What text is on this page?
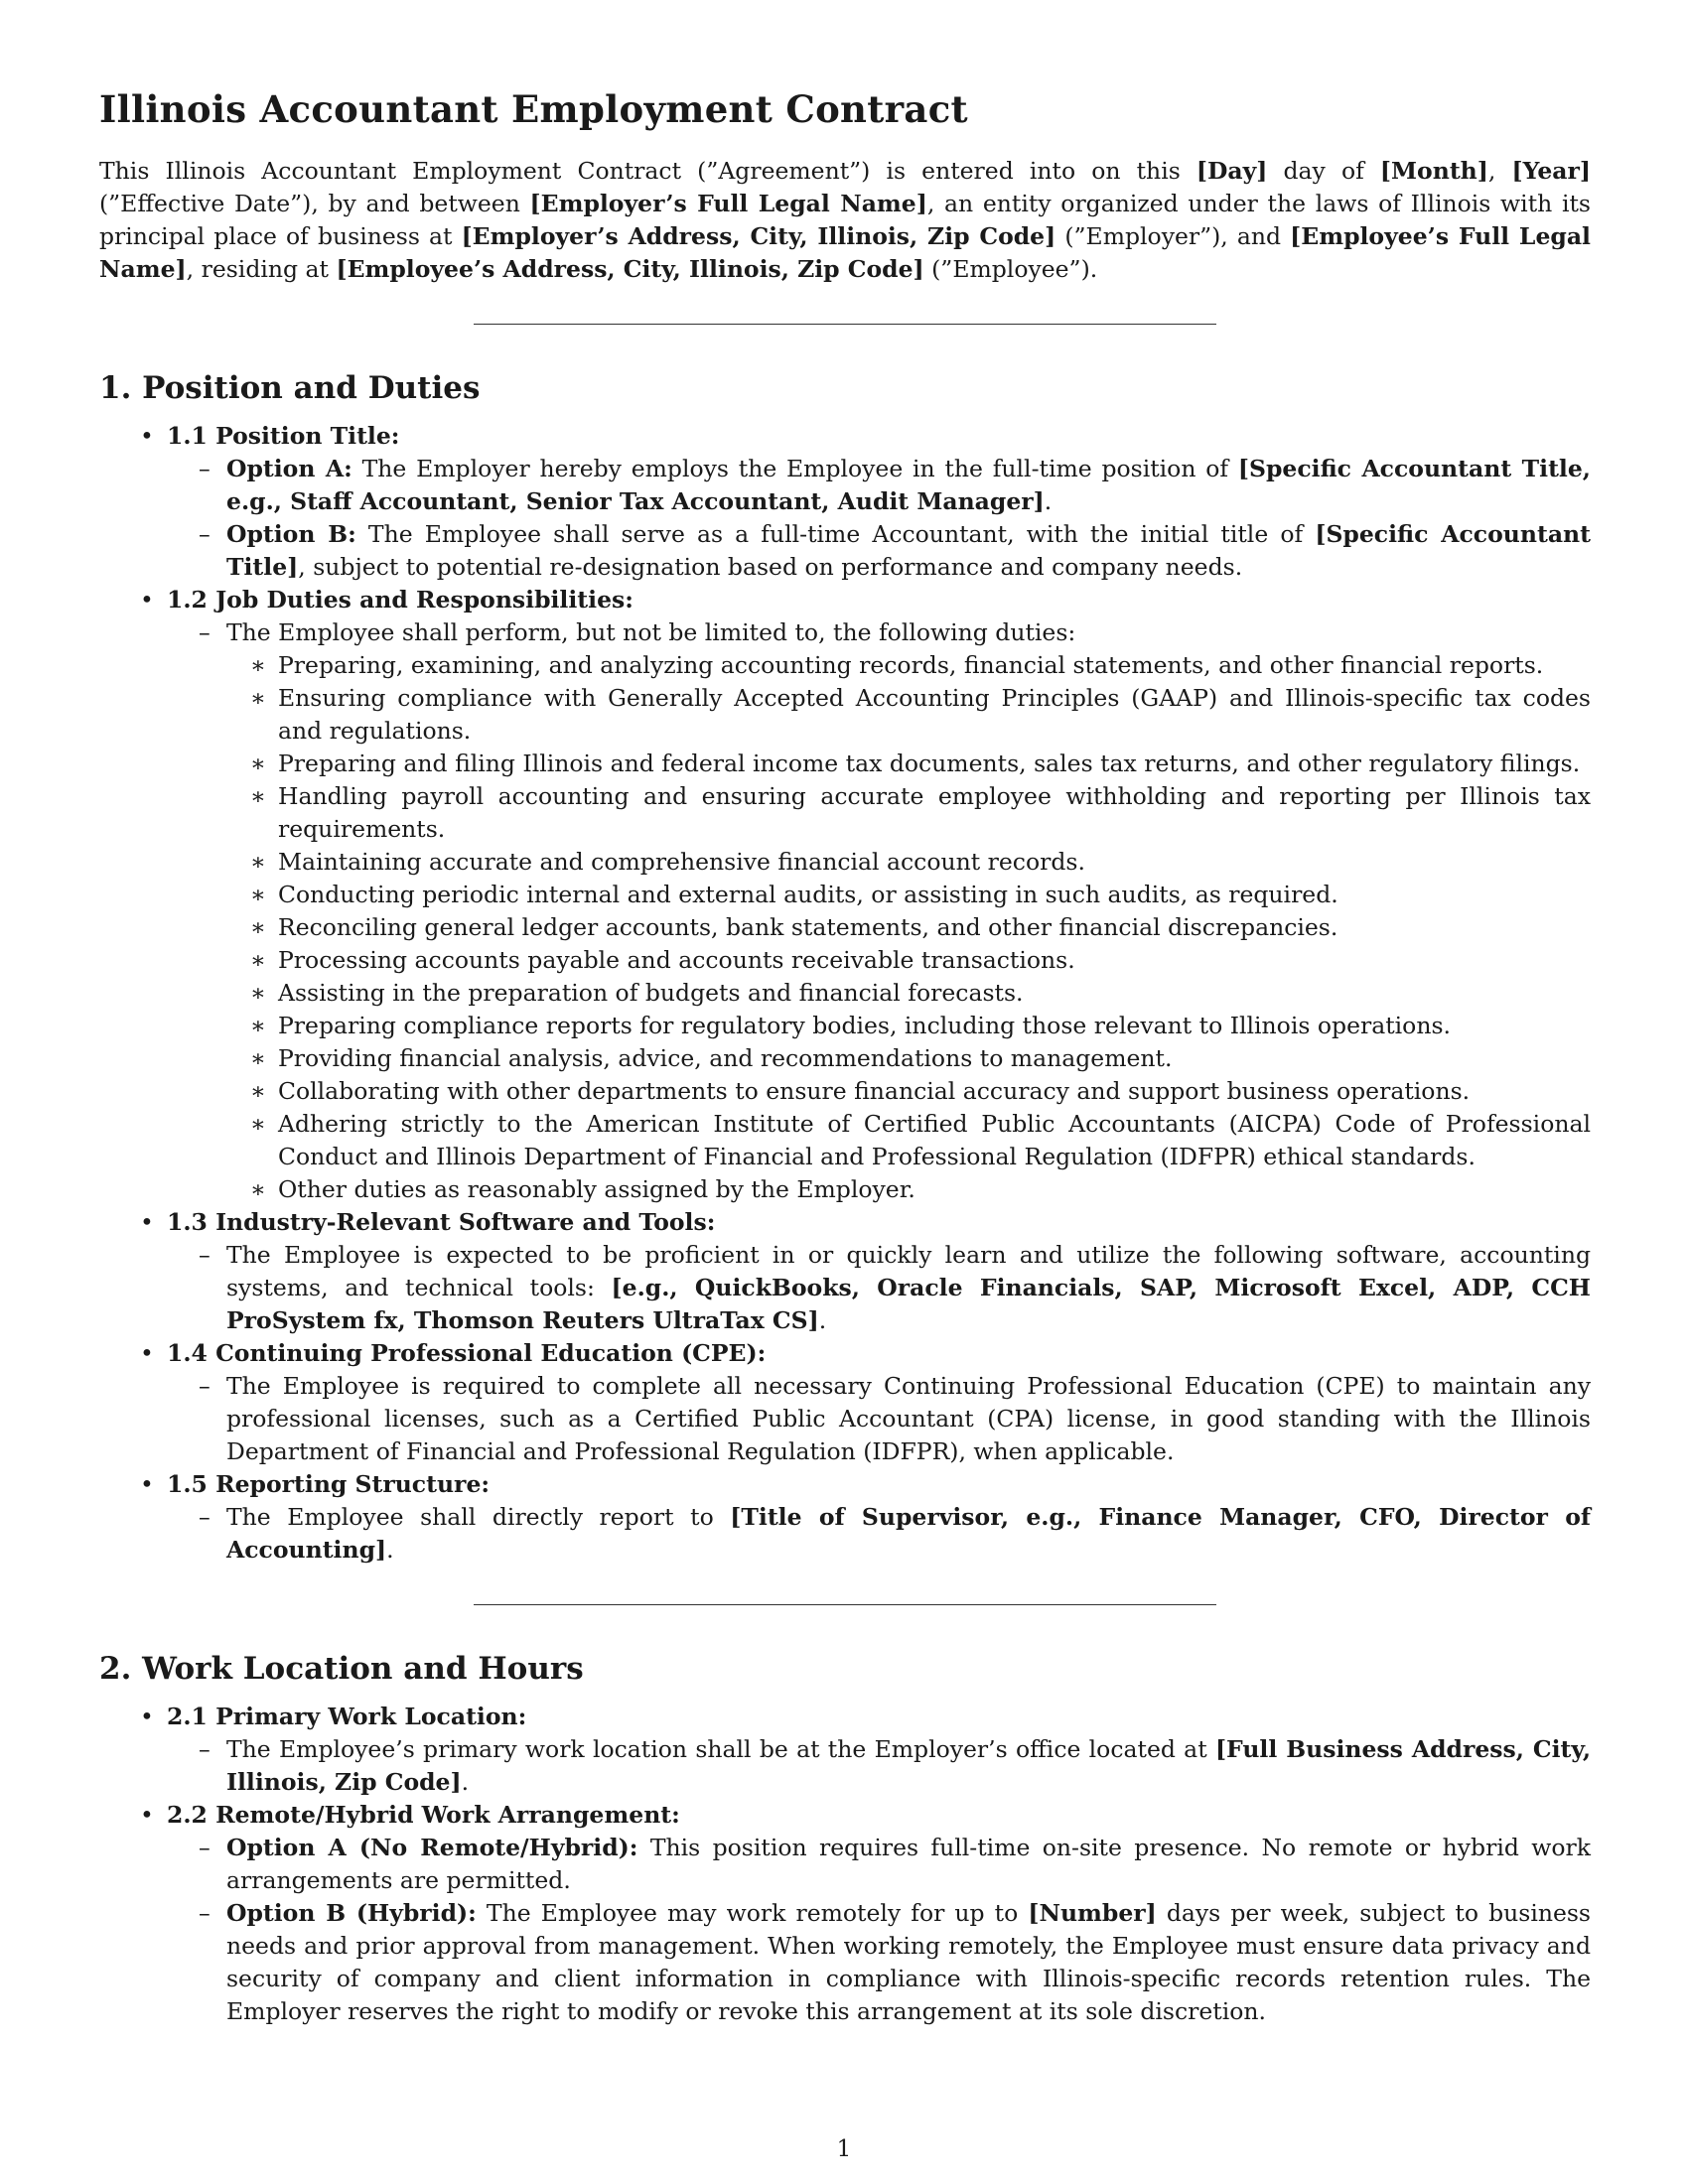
Illinois Accountant Employment Contract

This Illinois Accountant Employment Contract (”Agreement”) is entered into on this [Day] day of [Month], [Year] (”Effective Date”), by and between [Employer’s Full Legal Name], an entity organized under the laws of Illinois with its principal place of business at [Employer’s Address, City, Illinois, Zip Code] (”Employer”), and [Employee’s Full Legal Name], residing at [Employee’s Address, City, Illinois, Zip Code] (”Employee”).

1. Position and Duties
• 1.1 Position Title:
– Option A: The Employer hereby employs the Employee in the full-time position of [Specific Accountant Title, e.g., Staff Accountant, Senior Tax Accountant, Audit Manager].
– Option B: The Employee shall serve as a full-time Accountant, with the initial title of [Specific Accountant Title], subject to potential re-designation based on performance and company needs.
• 1.2 Job Duties and Responsibilities:
– The Employee shall perform, but not be limited to, the following duties:
∗ Preparing, examining, and analyzing accounting records, financial statements, and other financial reports.
∗ Ensuring compliance with Generally Accepted Accounting Principles (GAAP) and Illinois-specific tax codes and regulations.
∗ Preparing and filing Illinois and federal income tax documents, sales tax returns, and other regulatory filings.
∗ Handling payroll accounting and ensuring accurate employee withholding and reporting per Illinois tax requirements.
∗ Maintaining accurate and comprehensive financial account records.
∗ Conducting periodic internal and external audits, or assisting in such audits, as required.
∗ Reconciling general ledger accounts, bank statements, and other financial discrepancies.
∗ Processing accounts payable and accounts receivable transactions.
∗ Assisting in the preparation of budgets and financial forecasts.
∗ Preparing compliance reports for regulatory bodies, including those relevant to Illinois operations.
∗ Providing financial analysis, advice, and recommendations to management.
∗ Collaborating with other departments to ensure financial accuracy and support business operations.
∗ Adhering strictly to the American Institute of Certified Public Accountants (AICPA) Code of Professional Conduct and Illinois Department of Financial and Professional Regulation (IDFPR) ethical standards.
∗ Other duties as reasonably assigned by the Employer.
• 1.3 Industry-Relevant Software and Tools:
– The Employee is expected to be proficient in or quickly learn and utilize the following software, accounting systems, and technical tools: [e.g., QuickBooks, Oracle Financials, SAP, Microsoft Excel, ADP, CCH ProSystem fx, Thomson Reuters UltraTax CS].
• 1.4 Continuing Professional Education (CPE):
– The Employee is required to complete all necessary Continuing Professional Education (CPE) to maintain any professional licenses, such as a Certified Public Accountant (CPA) license, in good standing with the Illinois Department of Financial and Professional Regulation (IDFPR), when applicable.
• 1.5 Reporting Structure:
– The Employee shall directly report to [Title of Supervisor, e.g., Finance Manager, CFO, Director of Accounting].
2. Work Location and Hours
• 2.1 Primary Work Location:
– The Employee’s primary work location shall be at the Employer’s office located at [Full Business Address, City, Illinois, Zip Code].
• 2.2 Remote/Hybrid Work Arrangement:
– Option A (No Remote/Hybrid): This position requires full-time on-site presence. No remote or hybrid work arrangements are permitted.
– Option B (Hybrid): The Employee may work remotely for up to [Number] days per week, subject to business needs and prior approval from management. When working remotely, the Employee must ensure data privacy and security of company and client information in compliance with Illinois-specific records retention rules. The Employer reserves the right to modify or revoke this arrangement at its sole discretion.
1
